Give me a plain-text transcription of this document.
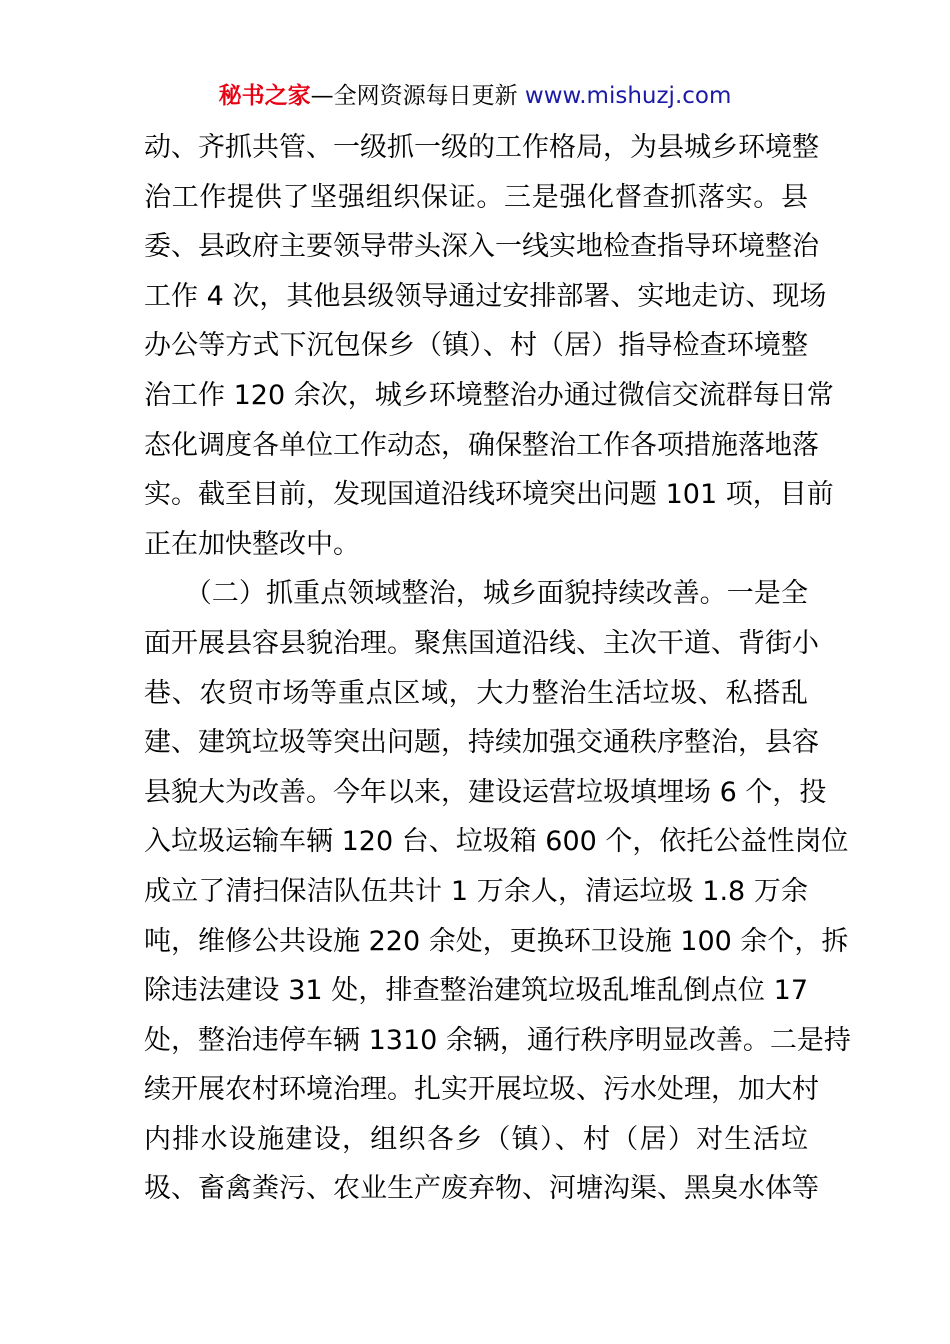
秘书之家—全网资源每日更新 www.mishuzj.com
动、齐抓共管、一级抓一级的工作格局，为县城乡环境整
治工作提供了坚强组织保证。三是强化督查抓落实。县
委、县政府主要领导带头深入一线实地检查指导环境整治
工作 4 次，其他县级领导通过安排部署、实地走访、现场
办公等方式下沉包保乡（镇）、村（居）指导检查环境整
治工作 120 余次，城乡环境整治办通过微信交流群每日常
态化调度各单位工作动态，确保整治工作各项措施落地落
实。截至目前，发现国道沿线环境突出问题 101 项，目前
正在加快整改中。
　　（二）抓重点领域整治，城乡面貌持续改善。一是全
面开展县容县貌治理。聚焦国道沿线、主次干道、背街小
巷、农贸市场等重点区域，大力整治生活垃圾、私搭乱
建、建筑垃圾等突出问题，持续加强交通秩序整治，县容
县貌大为改善。今年以来，建设运营垃圾填埋场 6 个，投
入垃圾运输车辆 120 台、垃圾箱 600 个，依托公益性岗位
成立了清扫保洁队伍共计 1 万余人，清运垃圾 1.8 万余
吨，维修公共设施 220 余处，更换环卫设施 100 余个，拆
除违法建设 31 处，排查整治建筑垃圾乱堆乱倒点位 17
处，整治违停车辆 1310 余辆，通行秩序明显改善。二是持
续开展农村环境治理。扎实开展垃圾、污水处理，加大村
内排水设施建设，组织各乡（镇）、村（居）对生活垃
圾、畜禽粪污、农业生产废弃物、河塘沟渠、黑臭水体等
